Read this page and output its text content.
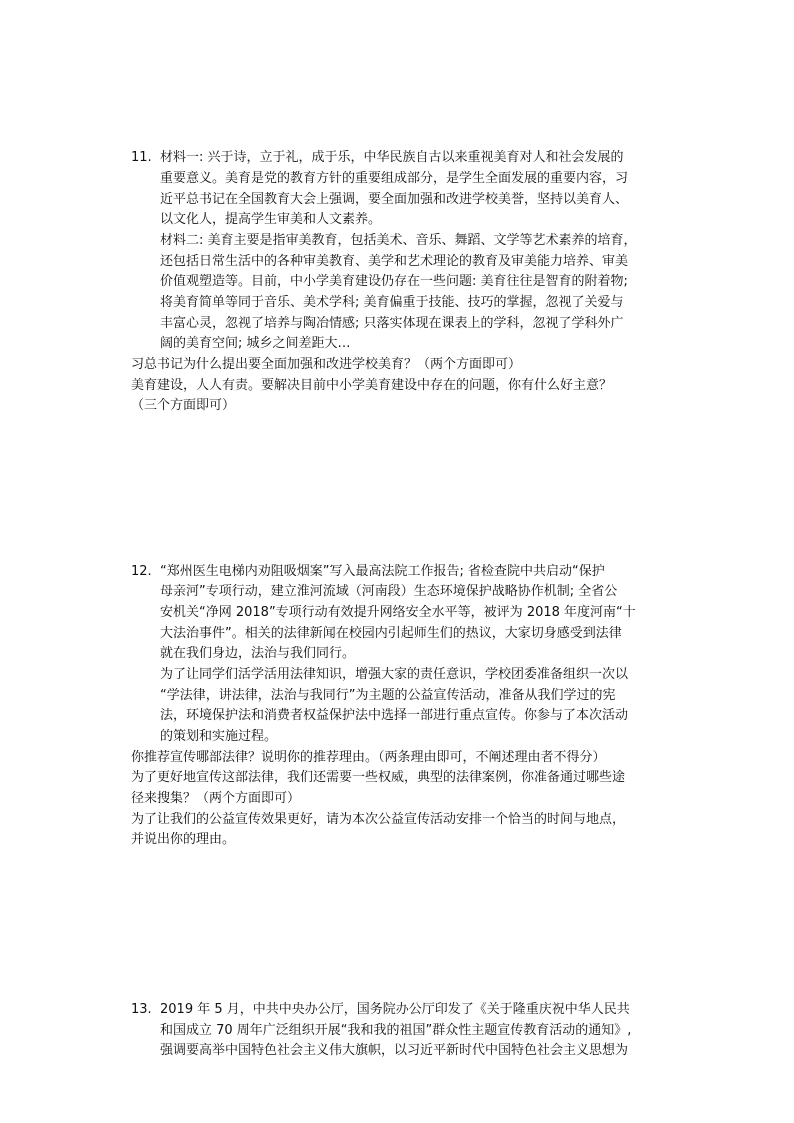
11. 材料一: 兴于诗，立于礼，成于乐，中华民族自古以来重视美育对人和社会发展的
重要意义。美育是党的教育方针的重要组成部分，是学生全面发展的重要内容，习
近平总书记在全国教育大会上强调，要全面加强和改进学校美誉，坚持以美育人、
以文化人，提高学生审美和人文素养。
材料二: 美育主要是指审美教育，包括美术、音乐、舞蹈、文学等艺术素养的培育，
还包括日常生活中的各种审美教育、美学和艺术理论的教育及审美能力培养、审美
价值观塑造等。目前，中小学美育建设仍存在一些问题: 美育往往是智育的附着物;
将美育简单等同于音乐、美术学科; 美育偏重于技能、技巧的掌握，忽视了关爱与
丰富心灵，忽视了培养与陶冶情感; 只落实体现在课表上的学科，忽视了学科外广
阔的美育空间; 城乡之间差距大…
习总书记为什么提出要全面加强和改进学校美育？（两个方面即可）
美育建设，人人有责。要解决目前中小学美育建设中存在的问题，你有什么好主意？
（三个方面即可）
12. “郑州医生电梯内劝阻吸烟案”写入最高法院工作报告; 省检查院中共启动“保护
母亲河”专项行动，建立淮河流域（河南段）生态环境保护战略协作机制; 全省公
安机关“净网 2018”专项行动有效提升网络安全水平等，被评为 2018 年度河南“十
大法治事件”。相关的法律新闻在校园内引起师生们的热议，大家切身感受到法律
就在我们身边，法治与我们同行。
为了让同学们活学活用法律知识，增强大家的责任意识，学校团委准备组织一次以
“学法律，讲法律，法治与我同行”为主题的公益宣传活动，准备从我们学过的宪
法，环境保护法和消费者权益保护法中选择一部进行重点宣传。你参与了本次活动
的策划和实施过程。
你推荐宣传哪部法律？说明你的推荐理由。（两条理由即可，不阐述理由者不得分）
为了更好地宣传这部法律，我们还需要一些权威，典型的法律案例，你准备通过哪些途
径来搜集？（两个方面即可）
为了让我们的公益宣传效果更好，请为本次公益宣传活动安排一个恰当的时间与地点，
并说出你的理由。
13. 2019 年 5 月，中共中央办公厅，国务院办公厅印发了《关于隆重庆祝中华人民共
和国成立 70 周年广泛组织开展“我和我的祖国”群众性主题宣传教育活动的通知》,
强调要高举中国特色社会主义伟大旗帜，以习近平新时代中国特色社会主义思想为
